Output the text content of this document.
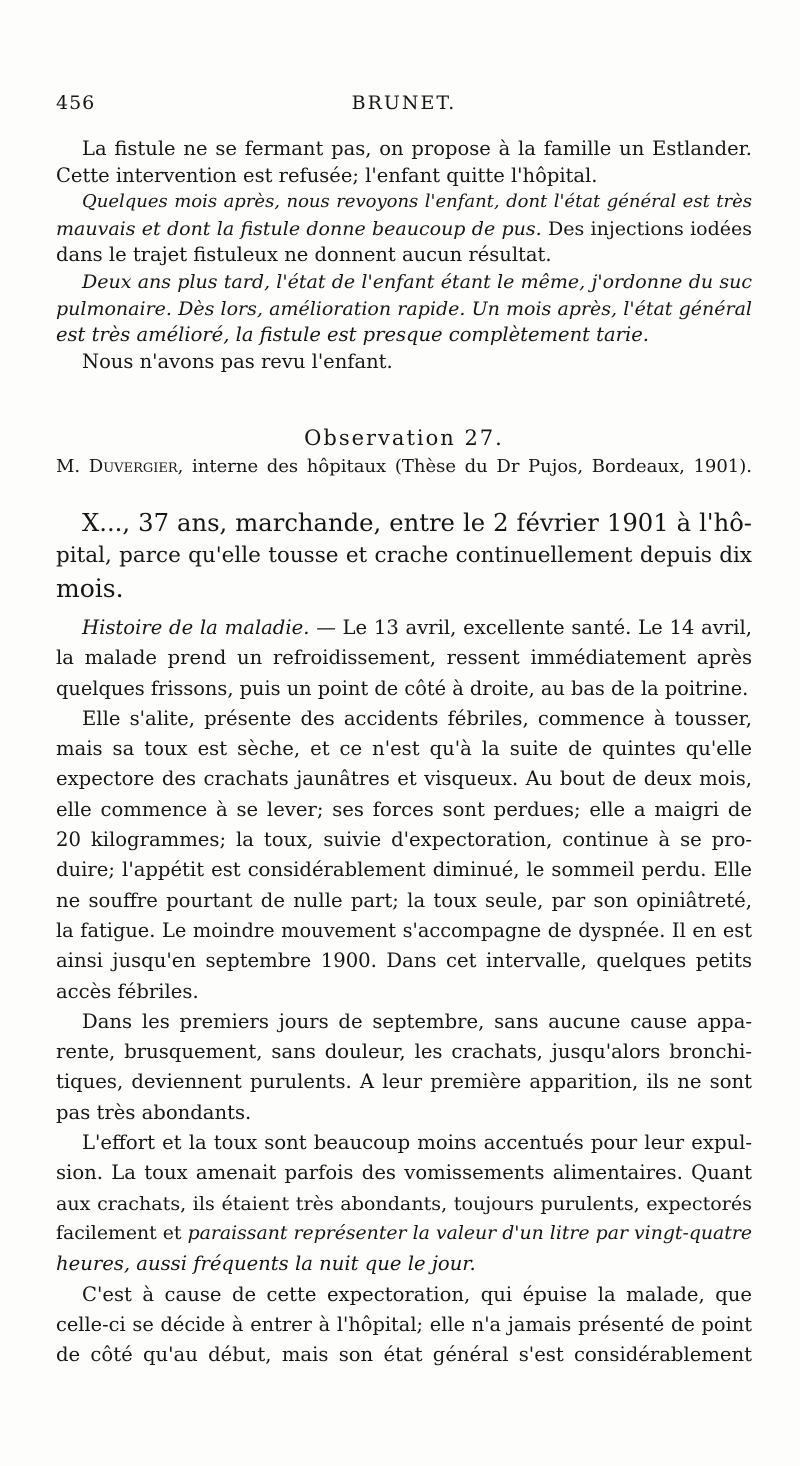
456	BRUNET.
La fistule ne se fermant pas, on propose à la famille un Estlander.
Cette intervention est refusée; l'enfant quitte l'hôpital.
Quelques mois après, nous revoyons l'enfant, dont l'état général est très
mauvais et dont la fistule donne beaucoup de pus. Des injections iodées
dans le trajet fistuleux ne donnent aucun résultat.
Deux ans plus tard, l'état de l'enfant étant le même, j'ordonne du suc
pulmonaire. Dès lors, amélioration rapide. Un mois après, l'état général
est très amélioré, la fistule est presque complètement tarie.
Nous n'avons pas revu l'enfant.
Observation 27.
M. Duvergier, interne des hôpitaux (Thèse du Dr Pujos, Bordeaux, 1901).
X..., 37 ans, marchande, entre le 2 février 1901 à l'hô-
pital, parce qu'elle tousse et crache continuellement depuis dix
mois.
Histoire de la maladie. — Le 13 avril, excellente santé. Le 14 avril,
la malade prend un refroidissement, ressent immédiatement après
quelques frissons, puis un point de côté à droite, au bas de la poitrine.
Elle s'alite, présente des accidents fébriles, commence à tousser,
mais sa toux est sèche, et ce n'est qu'à la suite de quintes qu'elle
expectore des crachats jaunâtres et visqueux. Au bout de deux mois,
elle commence à se lever; ses forces sont perdues; elle a maigri de
20 kilogrammes; la toux, suivie d'expectoration, continue à se pro-
duire; l'appétit est considérablement diminué, le sommeil perdu. Elle
ne souffre pourtant de nulle part; la toux seule, par son opiniâtreté,
la fatigue. Le moindre mouvement s'accompagne de dyspnée. Il en est
ainsi jusqu'en septembre 1900. Dans cet intervalle, quelques petits
accès fébriles.
Dans les premiers jours de septembre, sans aucune cause appa-
rente, brusquement, sans douleur, les crachats, jusqu'alors bronchi-
tiques, deviennent purulents. A leur première apparition, ils ne sont
pas très abondants.
L'effort et la toux sont beaucoup moins accentués pour leur expul-
sion. La toux amenait parfois des vomissements alimentaires. Quant
aux crachats, ils étaient très abondants, toujours purulents, expectorés
facilement et paraissant représenter la valeur d'un litre par vingt-quatre
heures, aussi fréquents la nuit que le jour.
C'est à cause de cette expectoration, qui épuise la malade, que
celle-ci se décide à entrer à l'hôpital; elle n'a jamais présenté de point
de côté qu'au début, mais son état général s'est considérablement
